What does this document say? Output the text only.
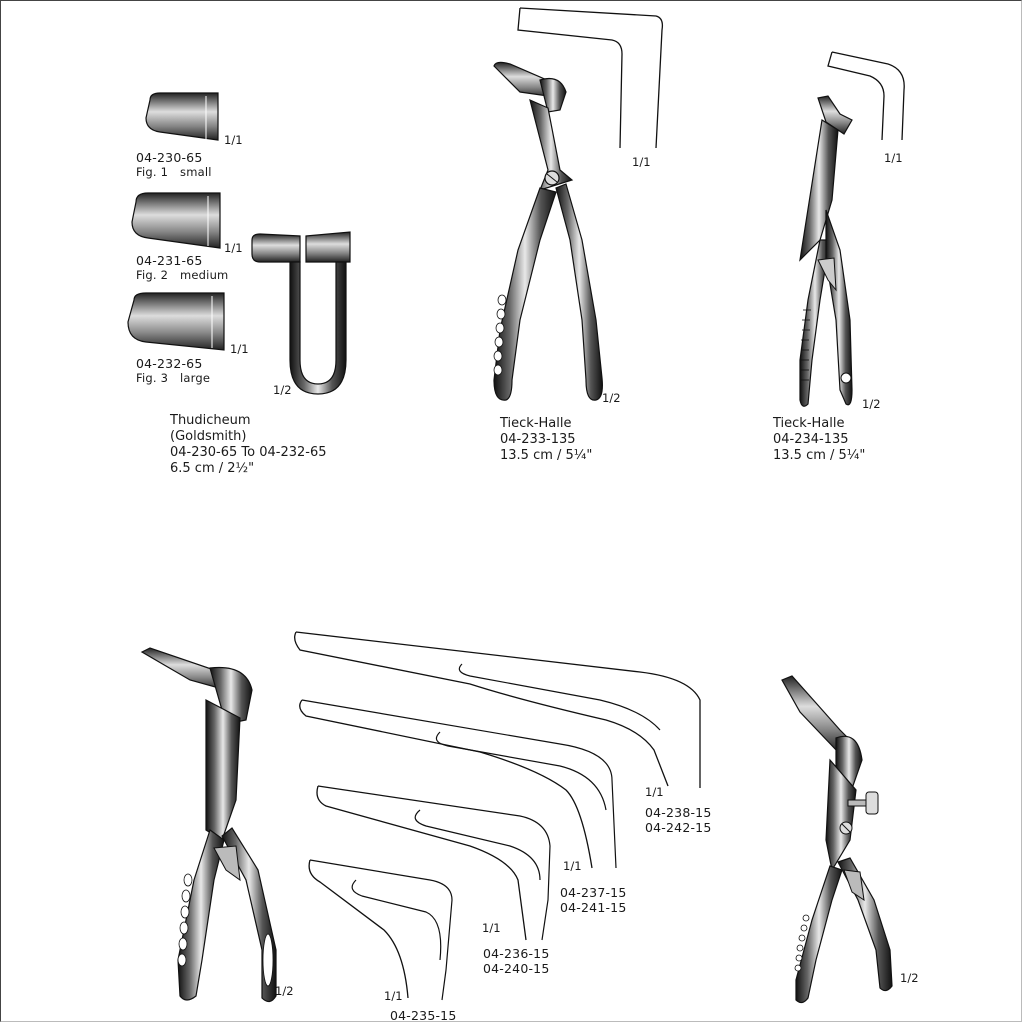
1/1
04-230-65
Fig. 1 small
1/1
04-231-65
Fig. 2 medium
1/1
04-232-65
Fig. 3 large
1/2
Thudicheum
(Goldsmith)
04-230-65 To 04-232-65
6.5 cm / 2½"
1/1
1/2
Tieck-Halle
04-233-135
13.5 cm / 5¼"
1/1
1/2
Tieck-Halle
04-234-135
13.5 cm / 5¼"
1/2
1/2
1/1
04-238-15
04-242-15
1/1
04-237-15
04-241-15
1/1
04-236-15
04-240-15
1/1
04-235-15
